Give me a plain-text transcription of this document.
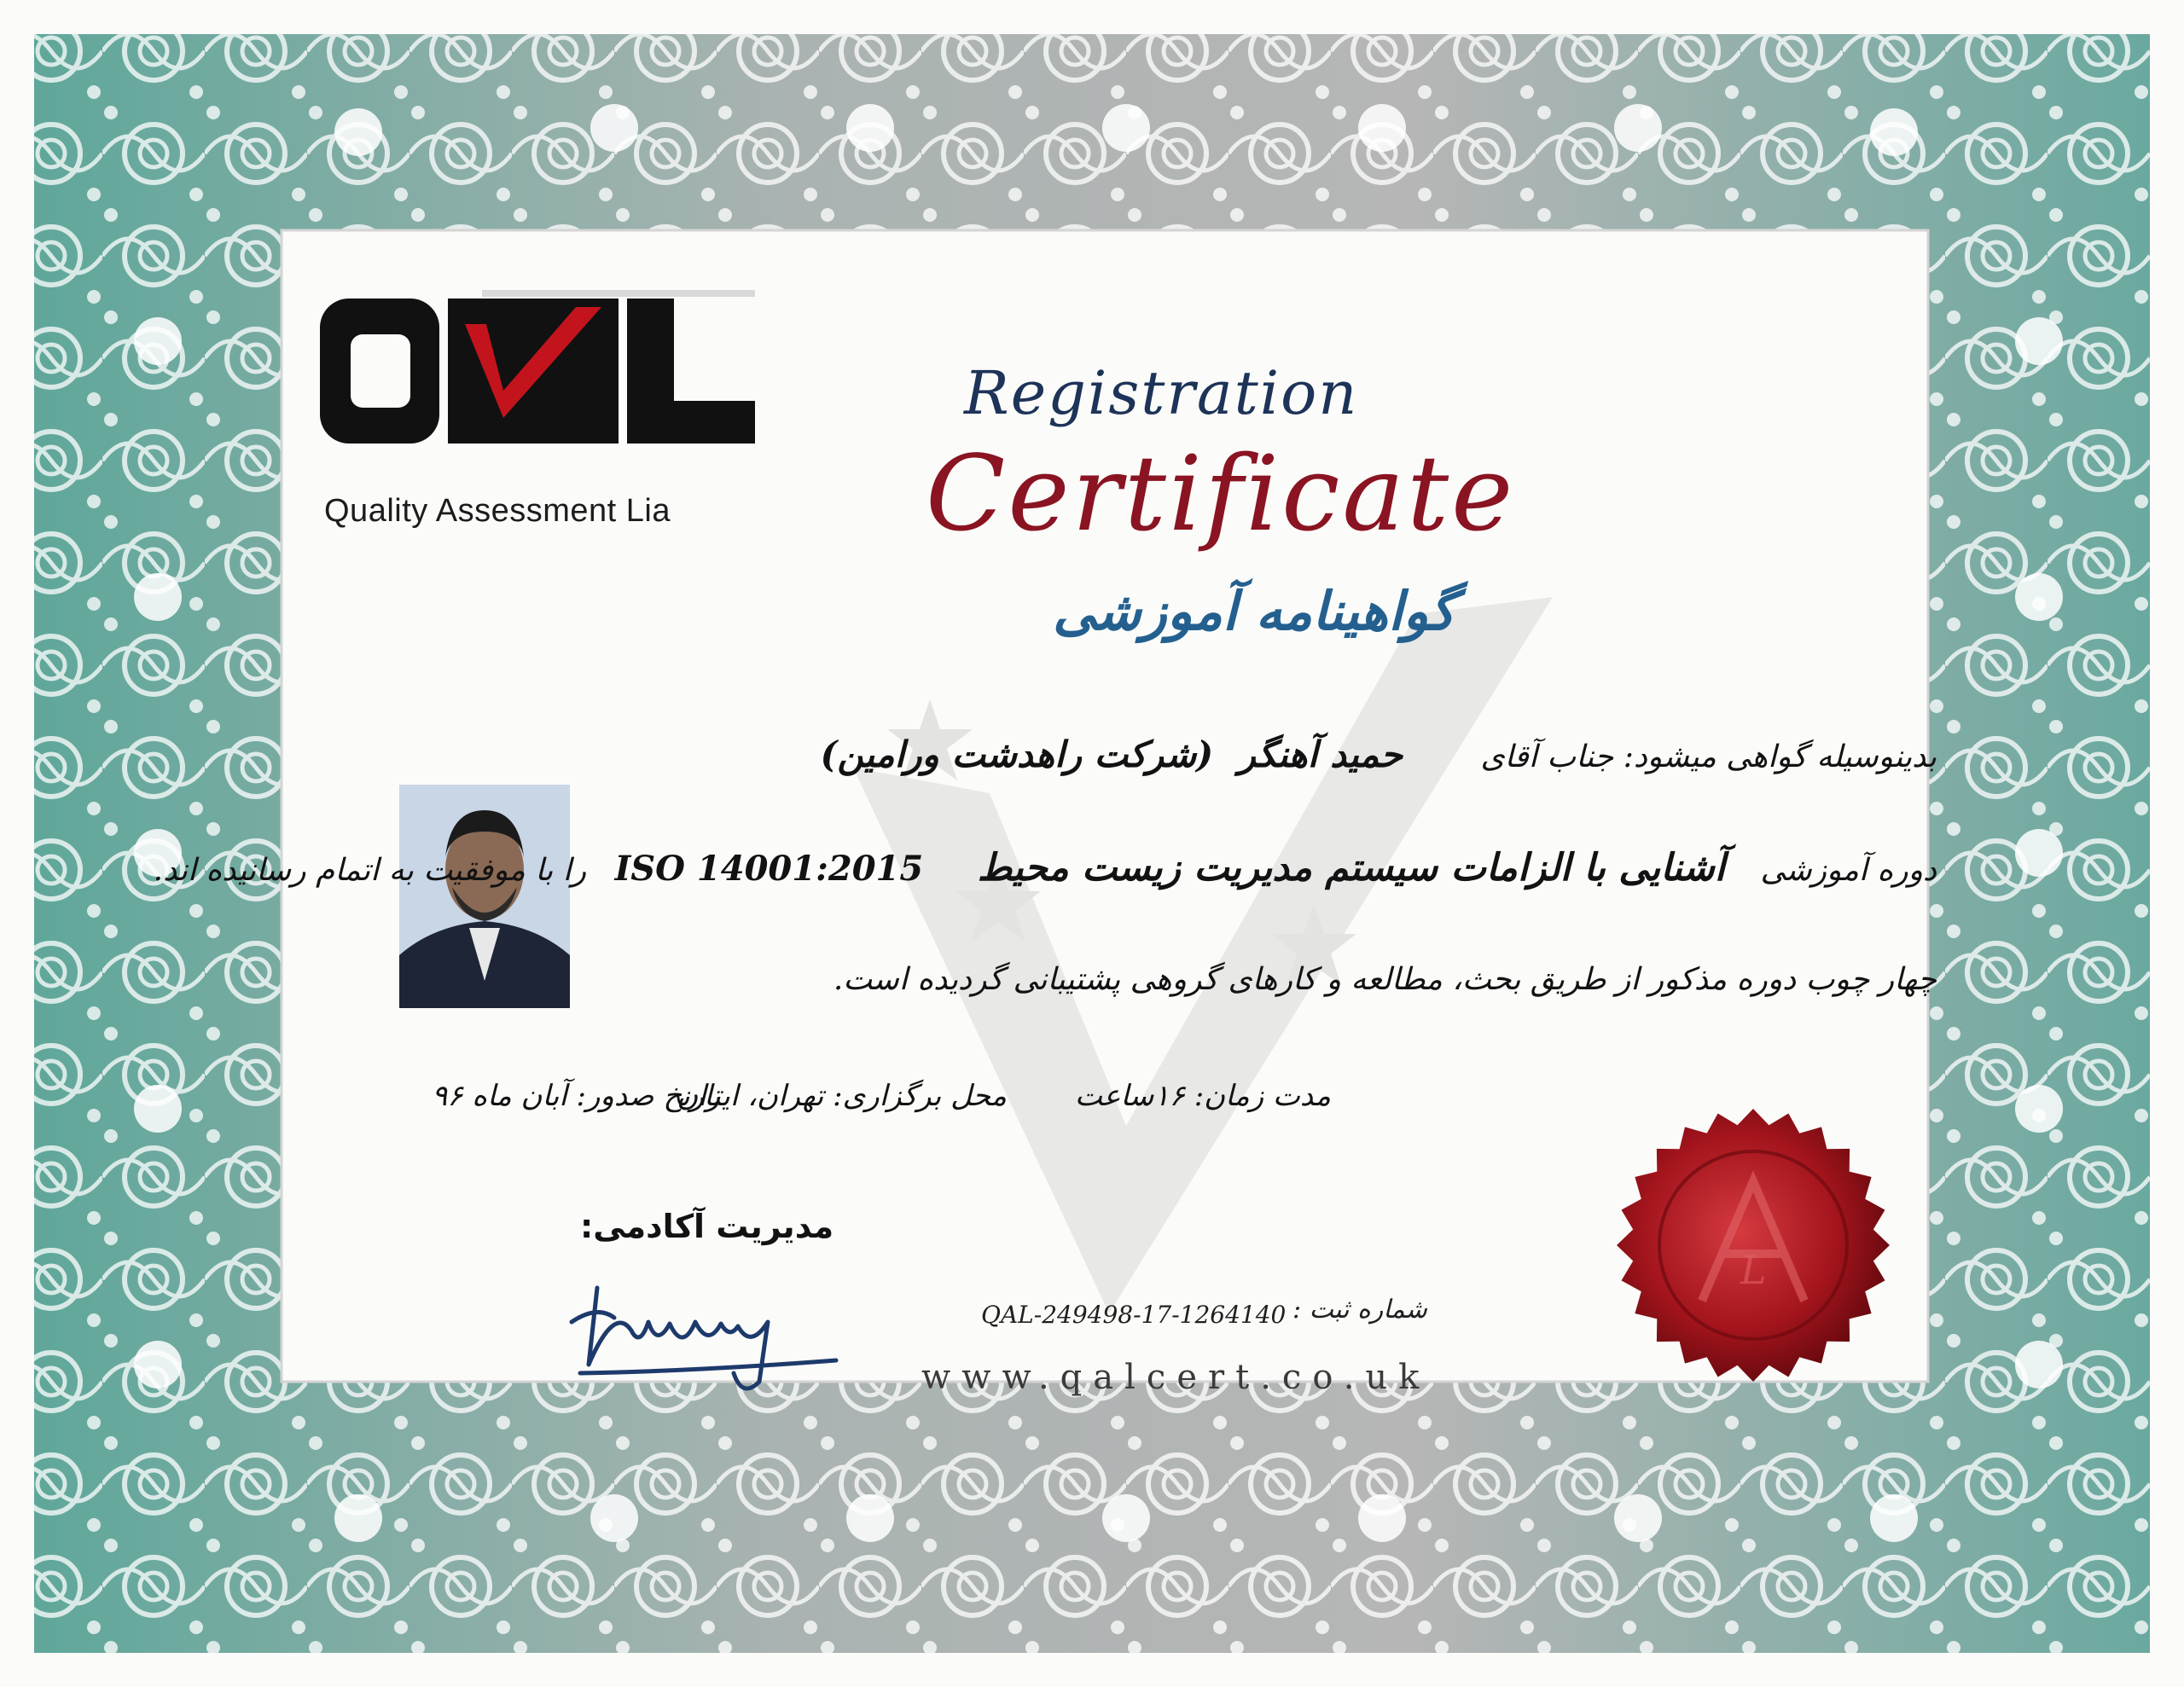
Quality Assessment Lia
Registration
Certificate
گواهینامه آموزشی
بدینوسیله گواهی میشود: جناب آقای حمید آهنگر (شرکت راهدشت ورامین)
دوره آموزشی آشنایی با الزامات سیستم مدیریت زیست محیط ISO 14001:2015 را با موفقیت به اتمام رسانیده اند.
چهار چوب دوره مذکور از طریق بحث، مطالعه و کارهای گروهی پشتیبانی گردیده است.
مدت زمان: ۱۶ساعت
محل برگزاری: تهران، ایران
تاریخ صدور: آبان ماه ۹۶
مدیریت آکادمی:
QAL-249498-17-1264140 شماره ثبت :
www.qalcert.co.uk
L
